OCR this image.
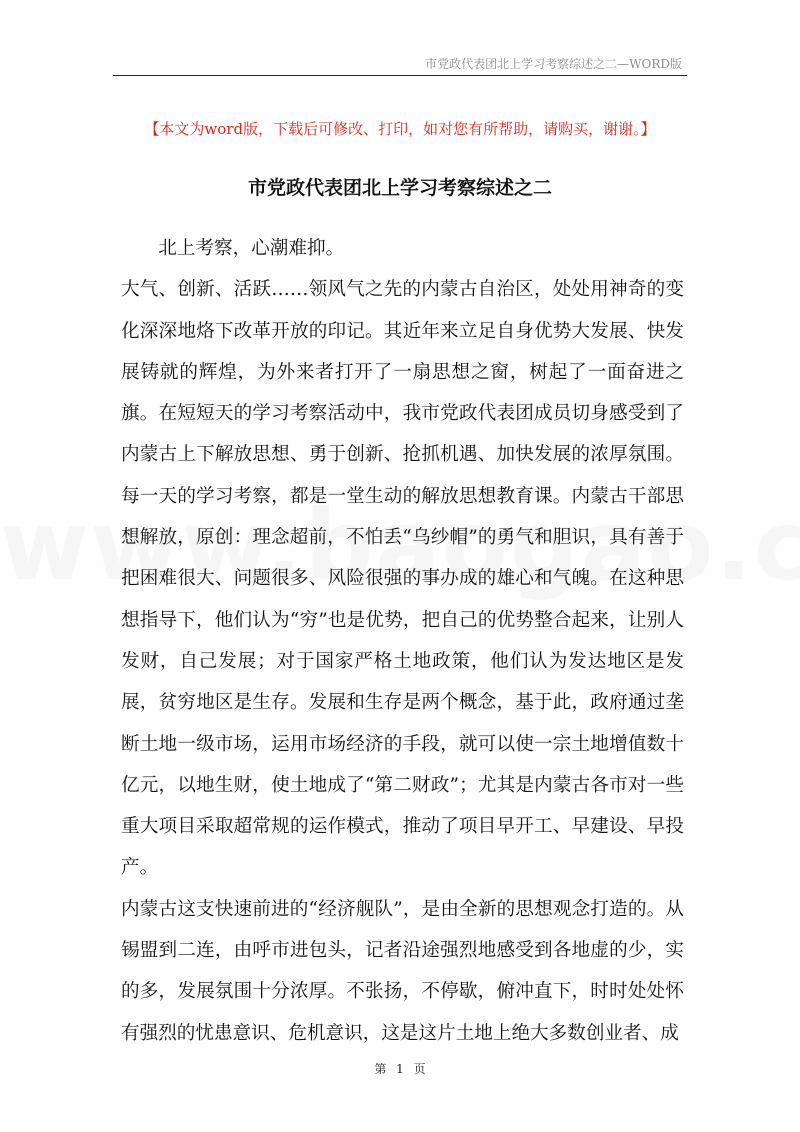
市党政代表团北上学习考察综述之二—WORD版
【本文为word版，下载后可修改、打印，如对您有所帮助，请购买，谢谢。】
市党政代表团北上学习考察综述之二

北上考察，心潮难抑。

大气、创新、活跃……领风气之先的内蒙古自治区，处处用神奇的变化深深地烙下改革开放的印记。其近年来立足自身优势大发展、快发展铸就的辉煌，为外来者打开了一扇思想之窗，树起了一面奋进之旗。在短短天的学习考察活动中，我市党政代表团成员切身感受到了内蒙古上下解放思想、勇于创新、抢抓机遇、加快发展的浓厚氛围。每一天的学习考察，都是一堂生动的解放思想教育课。内蒙古干部思想解放，原创：理念超前，不怕丢“乌纱帽”的勇气和胆识，具有善于把困难很大、问题很多、风险很强的事办成的雄心和气魄。在这种思想指导下，他们认为“穷”也是优势，把自己的优势整合起来，让别人发财，自己发展；对于国家严格土地政策，他们认为发达地区是发展，贫穷地区是生存。发展和生存是两个概念，基于此，政府通过垄断土地一级市场，运用市场经济的手段，就可以使一宗土地增值数十亿元，以地生财，使土地成了“第二财政”；尤其是内蒙古各市对一些重大项目采取超常规的运作模式，推动了项目早开工、早建设、早投产。

内蒙古这支快速前进的“经济舰队”，是由全新的思想观念打造的。从锡盟到二连，由呼市进包头，记者沿途强烈地感受到各地虚的少，实的多，发展氛围十分浓厚。不张扬，不停歇，俯冲直下，时时处处怀有强烈的忧患意识、危机意识，这是这片土地上绝大多数创业者、成

第 1 页
